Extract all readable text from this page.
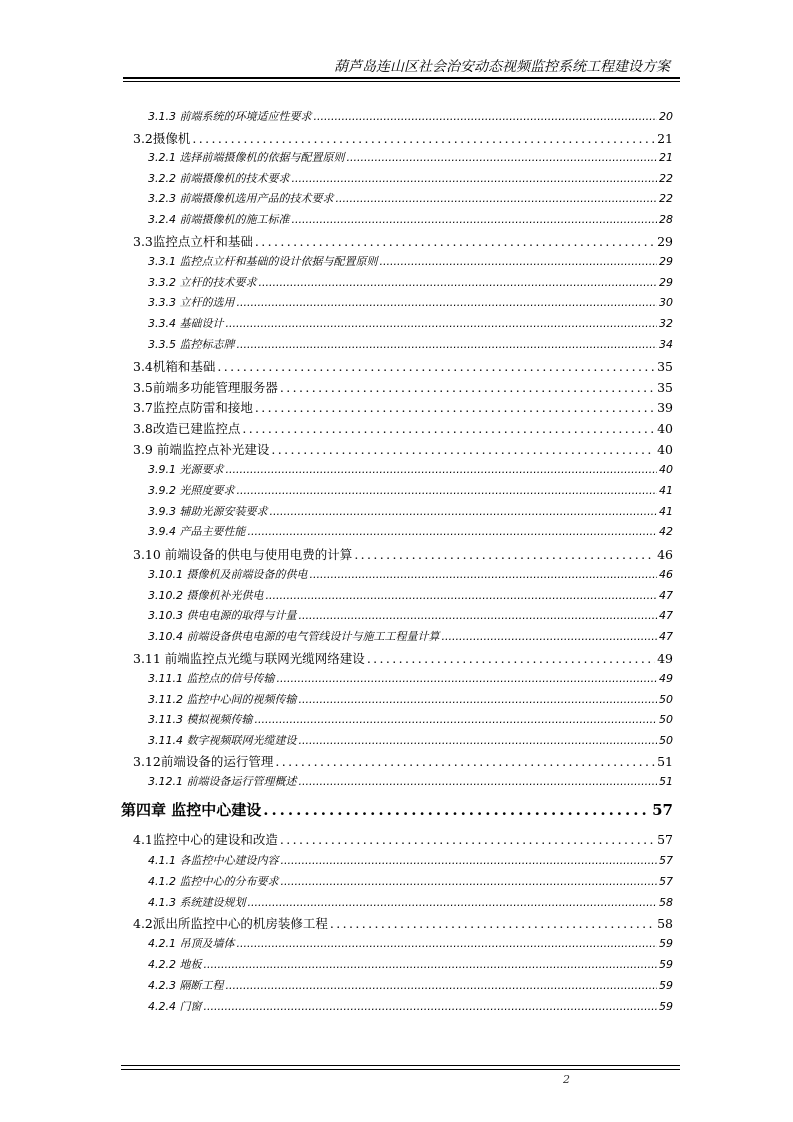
葫芦岛连山区社会治安动态视频监控系统工程建设方案
3.1.3 前端系统的环境适应性要求 .....	20
3.2摄像机 .....	21
3.2.1 选择前端摄像机的依据与配置原则 .....	21
3.2.2 前端摄像机的技术要求 .....	22
3.2.3 前端摄像机选用产品的技术要求 .....	22
3.2.4 前端摄像机的施工标准 .....	28
3.3监控点立杆和基础 .....	29
3.3.1 监控点立杆和基础的设计依据与配置原则 .....	29
3.3.2 立杆的技术要求 .....	29
3.3.3 立杆的选用 .....	30
3.3.4 基础设计 .....	32
3.3.5 监控标志牌 .....	34
3.4机箱和基础 .....	35
3.5前端多功能管理服务器 .....	35
3.7监控点防雷和接地 .....	39
3.8改造已建监控点 .....	40
3.9 前端监控点补光建设 .....	40
3.9.1 光源要求 .....	40
3.9.2 光照度要求 .....	41
3.9.3 辅助光源安装要求 .....	41
3.9.4 产品主要性能 .....	42
3.10 前端设备的供电与使用电费的计算 .....	46
3.10.1 摄像机及前端设备的供电 .....	46
3.10.2 摄像机补光供电 .....	47
3.10.3 供电电源的取得与计量 .....	47
3.10.4 前端设备供电电源的电气管线设计与施工工程量计算 .....	47
3.11 前端监控点光缆与联网光缆网络建设 .....	49
3.11.1 监控点的信号传输 .....	49
3.11.2 监控中心间的视频传输 .....	50
3.11.3 模拟视频传输 .....	50
3.11.4 数字视频联网光缆建设 .....	50
3.12前端设备的运行管理 .....	51
3.12.1 前端设备运行管理概述 .....	51
第四章 监控中心建设 .....	57
4.1监控中心的建设和改造 .....	57
4.1.1 各监控中心建设内容 .....	57
4.1.2 监控中心的分布要求 .....	57
4.1.3 系统建设规划 .....	58
4.2派出所监控中心的机房装修工程 .....	58
4.2.1 吊顶及墙体 .....	59
4.2.2 地板 .....	59
4.2.3 隔断工程 .....	59
4.2.4 门窗 .....	59
2
